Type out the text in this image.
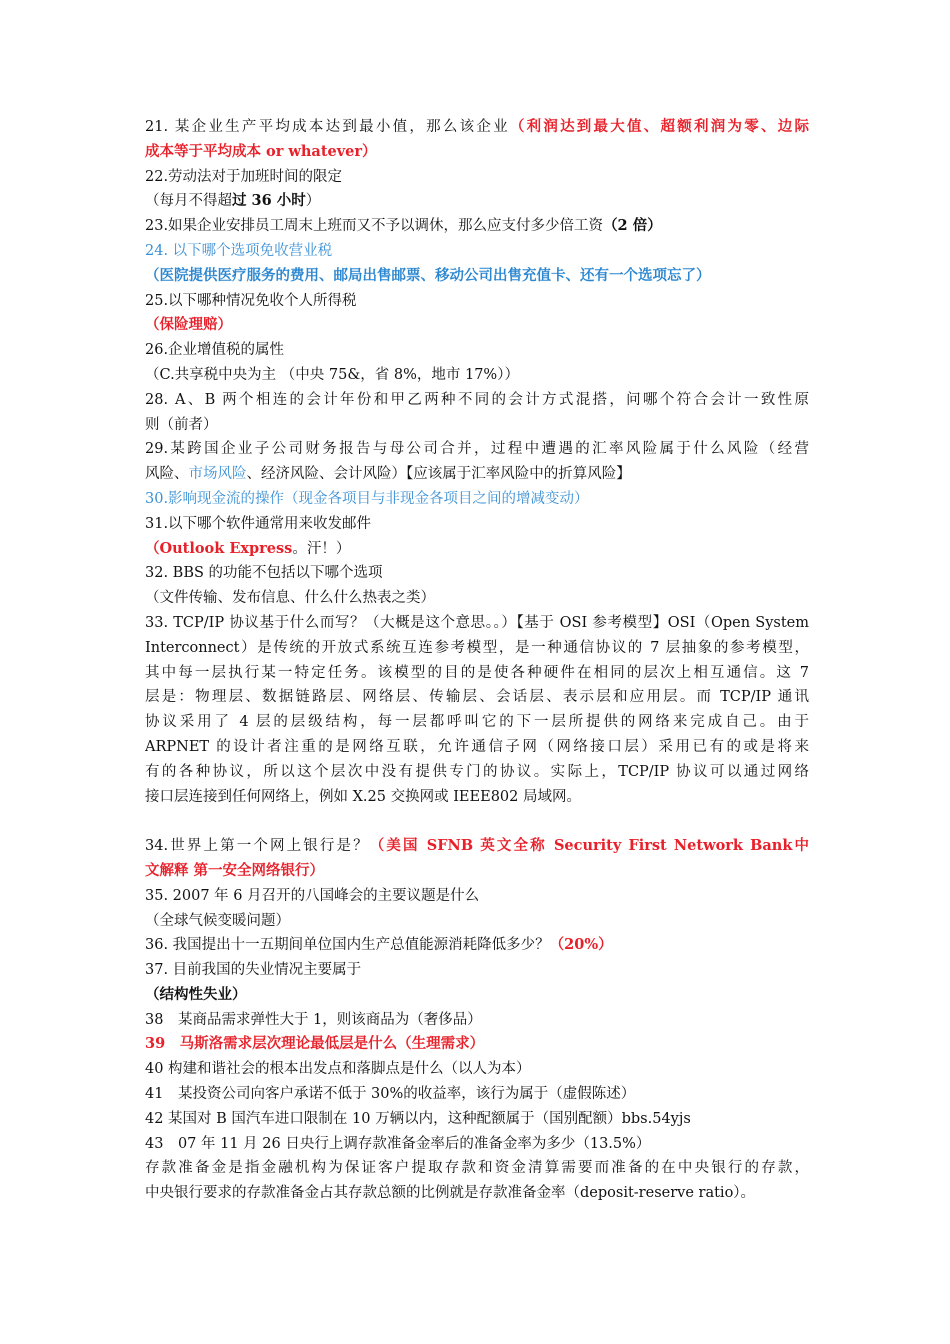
21. 某企业生产平均成本达到最小值，那么该企业（利润达到最大值、超额利润为零、边际
成本等于平均成本 or whatever）
22.劳动法对于加班时间的限定
（每月不得超过 36 小时）
23.如果企业安排员工周末上班而又不予以调休，那么应支付多少倍工资（2 倍）
24. 以下哪个选项免收营业税
（医院提供医疗服务的费用、邮局出售邮票、移动公司出售充值卡、还有一个选项忘了）
25.以下哪种情况免收个人所得税
（保险理赔）
26.企业增值税的属性
（C.共享税中央为主 （中央 75&，省 8%，地市 17%））
28. A、B 两个相连的会计年份和甲乙两种不同的会计方式混搭，问哪个符合会计一致性原
则（前者）
29.某跨国企业子公司财务报告与母公司合并，过程中遭遇的汇率风险属于什么风险（经营
风险、市场风险、经济风险、会计风险）【应该属于汇率风险中的折算风险】
30.影响现金流的操作（现金各项目与非现金各项目之间的增减变动）
31.以下哪个软件通常用来收发邮件
（Outlook Express。汗！）
32. BBS 的功能不包括以下哪个选项
（文件传输、发布信息、什么什么热表之类）
33. TCP/IP 协议基于什么而写？（大概是这个意思。。）【基于 OSI 参考模型】OSI（Open System
Interconnect）是传统的开放式系统互连参考模型，是一种通信协议的 7 层抽象的参考模型，
其中每一层执行某一特定任务。该模型的目的是使各种硬件在相同的层次上相互通信。这 7
层是：物理层、数据链路层、网络层、传输层、会话层、表示层和应用层。而 TCP/IP 通讯
协议采用了 4 层的层级结构，每一层都呼叫它的下一层所提供的网络来完成自己。由于
ARPNET 的设计者注重的是网络互联，允许通信子网（网络接口层）采用已有的或是将来
有的各种协议，所以这个层次中没有提供专门的协议。实际上，TCP/IP 协议可以通过网络
接口层连接到任何网络上，例如 X.25 交换网或 IEEE802 局域网。
34.世界上第一个网上银行是？（美国 SFNB 英文全称 Security First Network Bank中
文解释 第一安全网络银行）
35. 2007 年 6 月召开的八国峰会的主要议题是什么
（全球气候变暖问题）
36. 我国提出十一五期间单位国内生产总值能源消耗降低多少？（20%）
37. 目前我国的失业情况主要属于
（结构性失业）
38　某商品需求弹性大于 1，则该商品为（奢侈品）
39　马斯洛需求层次理论最低层是什么（生理需求）
40 构建和谐社会的根本出发点和落脚点是什么（以人为本）
41　某投资公司向客户承诺不低于 30%的收益率，该行为属于（虚假陈述）
42 某国对 B 国汽车进口限制在 10 万辆以内，这种配额属于（国别配额）bbs.54yjs
43　07 年 11 月 26 日央行上调存款准备金率后的准备金率为多少（13.5%）
存款准备金是指金融机构为保证客户提取存款和资金清算需要而准备的在中央银行的存款，
中央银行要求的存款准备金占其存款总额的比例就是存款准备金率（deposit-reserve ratio）。
